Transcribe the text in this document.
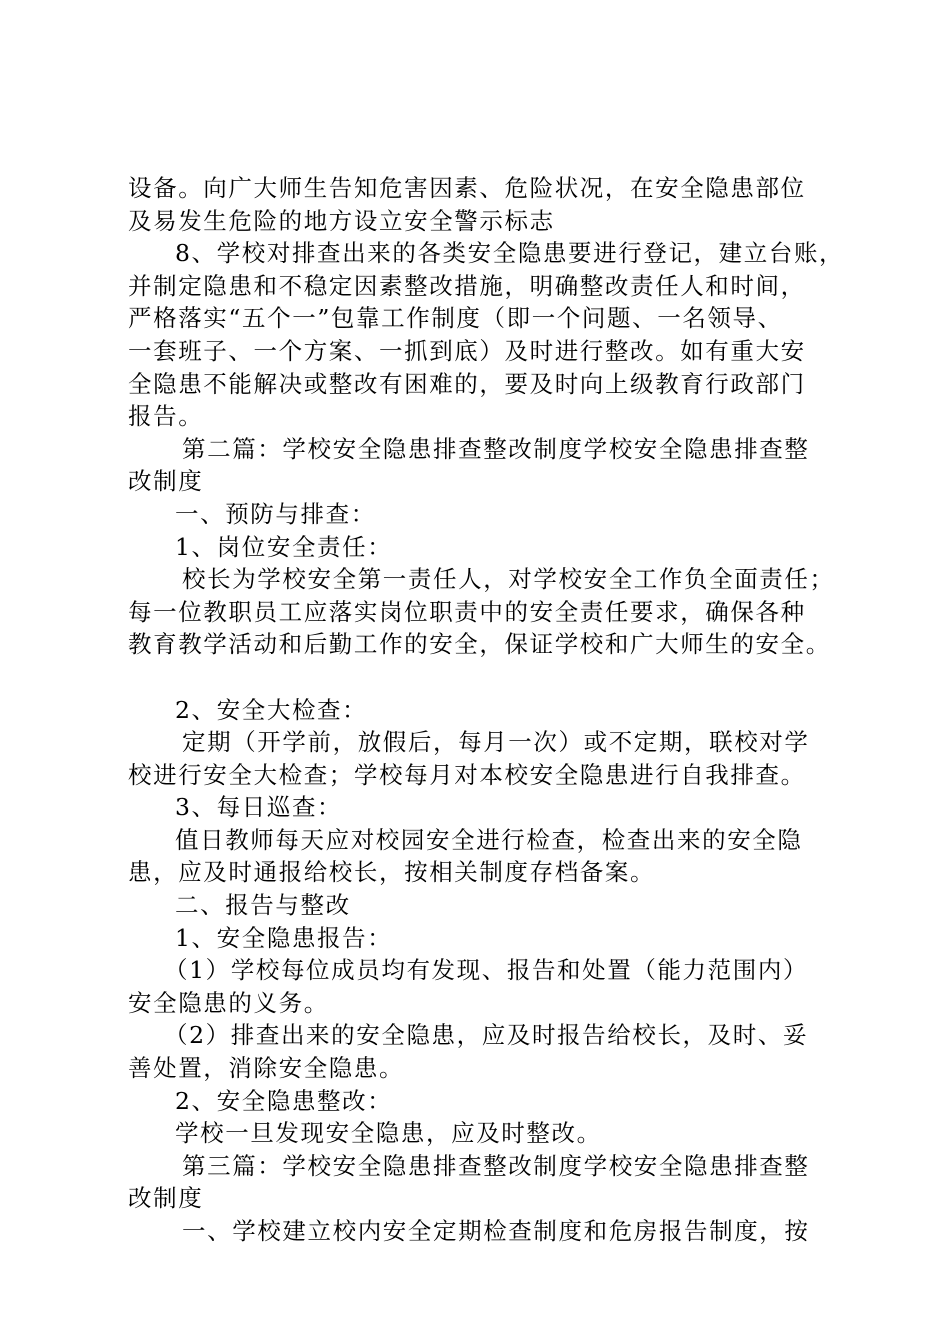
设备。向广大师生告知危害因素、危险状况，在安全隐患部位
及易发生危险的地方设立安全警示标志
8、学校对排查出来的各类安全隐患要进行登记，建立台账，
并制定隐患和不稳定因素整改措施，明确整改责任人和时间，
严格落实“五个一”包靠工作制度（即一个问题、一名领导、
一套班子、一个方案、一抓到底）及时进行整改。如有重大安
全隐患不能解决或整改有困难的，要及时向上级教育行政部门
报告。
第二篇：学校安全隐患排查整改制度学校安全隐患排查整
改制度
一、预防与排查：
1、岗位安全责任：
校长为学校安全第一责任人，对学校安全工作负全面责任；
每一位教职员工应落实岗位职责中的安全责任要求，确保各种
教育教学活动和后勤工作的安全，保证学校和广大师生的安全。
2、安全大检查：
定期（开学前，放假后，每月一次）或不定期，联校对学
校进行安全大检查；学校每月对本校安全隐患进行自我排查。
3、每日巡查：
值日教师每天应对校园安全进行检查，检查出来的安全隐
患，应及时通报给校长，按相关制度存档备案。
二、报告与整改
1、安全隐患报告：
（1）学校每位成员均有发现、报告和处置（能力范围内）
安全隐患的义务。
（2）排查出来的安全隐患，应及时报告给校长，及时、妥
善处置，消除安全隐患。
2、安全隐患整改：
学校一旦发现安全隐患，应及时整改。
第三篇：学校安全隐患排查整改制度学校安全隐患排查整
改制度
一、学校建立校内安全定期检查制度和危房报告制度，按
